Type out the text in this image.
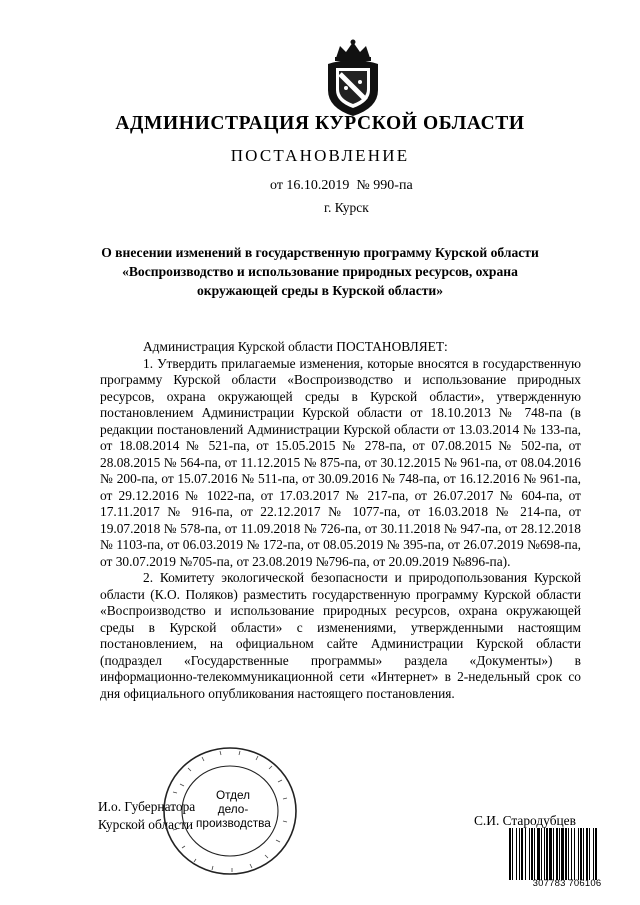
АДМИНИСТРАЦИЯ КУРСКОЙ ОБЛАСТИ
ПОСТАНОВЛЕНИЕ
от 16.10.2019  № 990-па
г. Курск
О внесении изменений в государственную программу Курской области
«Воспроизводство и использование природных ресурсов, охрана
окружающей среды в Курской области»

Администрация Курской области ПОСТАНОВЛЯЕТ:

1. Утвердить прилагаемые изменения, которые вносятся в государственную программу Курской области «Воспроизводство и использование природных ресурсов, охрана окружающей среды в Курской области», утвержденную постановлением Администрации Курской области от 18.10.2013 № 748-па (в редакции постановлений Администрации Курской области от 13.03.2014 № 133-па, от 18.08.2014 № 521-па, от 15.05.2015 № 278-па, от 07.08.2015 № 502-па, от 28.08.2015 № 564-па, от 11.12.2015 № 875-па, от 30.12.2015 № 961-па, от 08.04.2016 № 200-па, от 15.07.2016 № 511-па, от 30.09.2016 № 748-па, от 16.12.2016 № 961-па, от 29.12.2016 № 1022-па, от 17.03.2017 № 217-па, от 26.07.2017 № 604-па, от 17.11.2017 № 916-па, от 22.12.2017 № 1077-па, от 16.03.2018 № 214-па, от 19.07.2018 № 578-па, от 11.09.2018 № 726-па, от 30.11.2018 № 947-па, от 28.12.2018 № 1103-па, от 06.03.2019 № 172-па, от 08.05.2019 № 395-па, от 26.07.2019 №698-па, от 30.07.2019 №705-па, от 23.08.2019 №796-па, от 20.09.2019 №896-па).

2. Комитету экологической безопасности и природопользования Курской области (К.О. Поляков) разместить государственную программу Курской области «Воспроизводство и использование природных ресурсов, охрана окружающей среды в Курской области» с изменениями, утвержденными настоящим постановлением, на официальном сайте Администрации Курской области (подраздел «Государственные программы» раздела «Документы») в информационно-телекоммуникационной сети «Интернет» в 2-недельный срок со дня официального опубликования настоящего постановления.

И.о. Губернатора
Курской области	С.И. Стародубцев
Отдел
дело-
производства
307783 706106
